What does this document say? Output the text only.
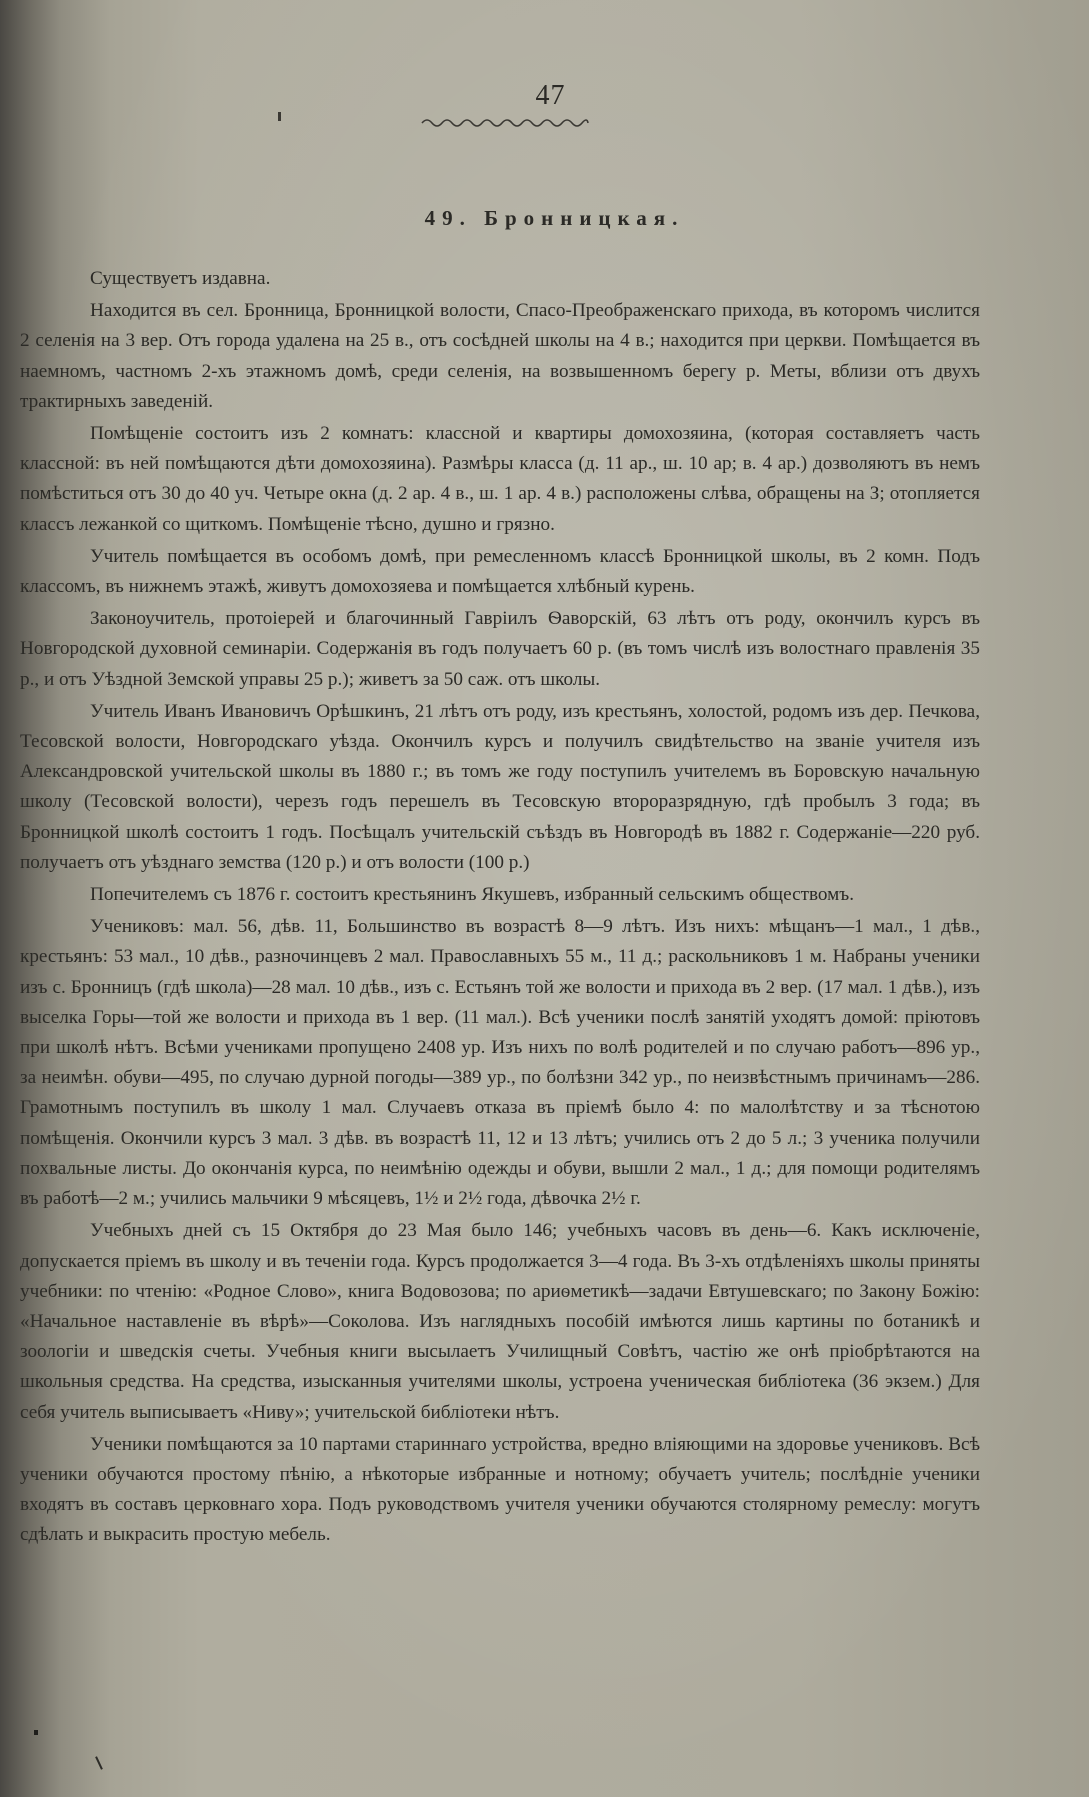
47
49. Бронницкая.

Существуетъ издавна.

Находится въ сел. Бронница, Бронницкой волости, Спасо-Преображенскаго прихода, въ которомъ числится 2 селенія на 3 вер. Отъ города удалена на 25 в., отъ сосѣдней школы на 4 в.; находится при церкви. Помѣщается въ наемномъ, частномъ 2-хъ этажномъ домѣ, среди селенія, на возвышенномъ берегу р. Меты, вблизи отъ двухъ трактирныхъ заведеній.

Помѣщеніе состоитъ изъ 2 комнатъ: классной и квартиры домохозяина, (которая составляетъ часть классной: въ ней помѣщаются дѣти домохозяина). Размѣры класса (д. 11 ар., ш. 10 ар; в. 4 ар.) дозволяютъ въ немъ помѣститься отъ 30 до 40 уч. Четыре окна (д. 2 ар. 4 в., ш. 1 ар. 4 в.) расположены слѣва, обращены на З; отопляется классъ лежанкой со щиткомъ. Помѣщеніе тѣсно, душно и грязно.

Учитель помѣщается въ особомъ домѣ, при ремесленномъ классѣ Бронницкой школы, въ 2 комн. Подъ классомъ, въ нижнемъ этажѣ, живутъ домохозяева и помѣщается хлѣбный курень.

Законоучитель, протоіерей и благочинный Гавріилъ Ѳаворскій, 63 лѣтъ отъ роду, окончилъ курсъ въ Новгородской духовной семинаріи. Содержанія въ годъ получаетъ 60 р. (въ томъ числѣ изъ волостнаго правленія 35 р., и отъ Уѣздной Земской управы 25 р.); живетъ за 50 саж. отъ школы.

Учитель Иванъ Ивановичъ Орѣшкинъ, 21 лѣтъ отъ роду, изъ крестьянъ, холостой, родомъ изъ дер. Печкова, Тесовской волости, Новгородскаго уѣзда. Окончилъ курсъ и получилъ свидѣтельство на званіе учителя изъ Александровской учительской школы въ 1880 г.; въ томъ же году поступилъ учителемъ въ Боровскую начальную школу (Тесовской волости), черезъ годъ перешелъ въ Тесовскую второразрядную, гдѣ пробылъ 3 года; въ Бронницкой школѣ состоитъ 1 годъ. Посѣщалъ учительскій съѣздъ въ Новгородѣ въ 1882 г. Содержаніе—220 руб. получаетъ отъ уѣзднаго земства (120 р.) и отъ волости (100 р.)

Попечителемъ съ 1876 г. состоитъ крестьянинъ Якушевъ, избранный сельскимъ обществомъ.

Учениковъ: мал. 56, дѣв. 11, Большинство въ возрастѣ 8—9 лѣтъ. Изъ нихъ: мѣщанъ—1 мал., 1 дѣв., крестьянъ: 53 мал., 10 дѣв., разночинцевъ 2 мал. Православныхъ 55 м., 11 д.; раскольниковъ 1 м. Набраны ученики изъ с. Бронницъ (гдѣ школа)—28 мал. 10 дѣв., изъ с. Естьянъ той же волости и прихода въ 2 вер. (17 мал. 1 дѣв.), изъ выселка Горы—той же волости и прихода въ 1 вер. (11 мал.). Всѣ ученики послѣ занятій уходятъ домой: пріютовъ при школѣ нѣтъ. Всѣми учениками пропущено 2408 ур. Изъ нихъ по волѣ родителей и по случаю работъ—896 ур., за неимѣн. обуви—495, по случаю дурной погоды—389 ур., по болѣзни 342 ур., по неизвѣстнымъ причинамъ—286. Грамотнымъ поступилъ въ школу 1 мал. Случаевъ отказа въ пріемѣ было 4: по малолѣтству и за тѣснотою помѣщенія. Окончили курсъ 3 мал. 3 дѣв. въ возрастѣ 11, 12 и 13 лѣтъ; учились отъ 2 до 5 л.; 3 ученика получили похвальные листы. До окончанія курса, по неимѣнію одежды и обуви, вышли 2 мал., 1 д.; для помощи родителямъ въ работѣ—2 м.; учились мальчики 9 мѣсяцевъ, 1½ и 2½ года, дѣвочка 2½ г.

Учебныхъ дней съ 15 Октября до 23 Мая было 146; учебныхъ часовъ въ день—6. Какъ исключеніе, допускается пріемъ въ школу и въ теченіи года. Курсъ продолжается 3—4 года. Въ 3-хъ отдѣленіяхъ школы приняты учебники: по чтенію: «Родное Слово», книга Водовозова; по ариѳметикѣ—задачи Евтушевскаго; по Закону Божію: «Начальное наставленіе въ вѣрѣ»—Соколова. Изъ наглядныхъ пособій имѣются лишь картины по ботаникѣ и зоологіи и шведскія счеты. Учебныя книги высылаетъ Училищный Совѣтъ, частію же онѣ пріобрѣтаются на школьныя средства. На средства, изысканныя учителями школы, устроена ученическая библіотека (36 экзем.) Для себя учитель выписываетъ «Ниву»; учительской библіотеки нѣтъ.

Ученики помѣщаются за 10 партами стариннаго устройства, вредно вліяющими на здоровье учениковъ. Всѣ ученики обучаются простому пѣнію, а нѣкоторые избранные и нотному; обучаетъ учитель; послѣдніе ученики входятъ въ составъ церковнаго хора. Подъ руководствомъ учителя ученики обучаются столярному ремеслу: могутъ сдѣлать и выкрасить простую мебель.
